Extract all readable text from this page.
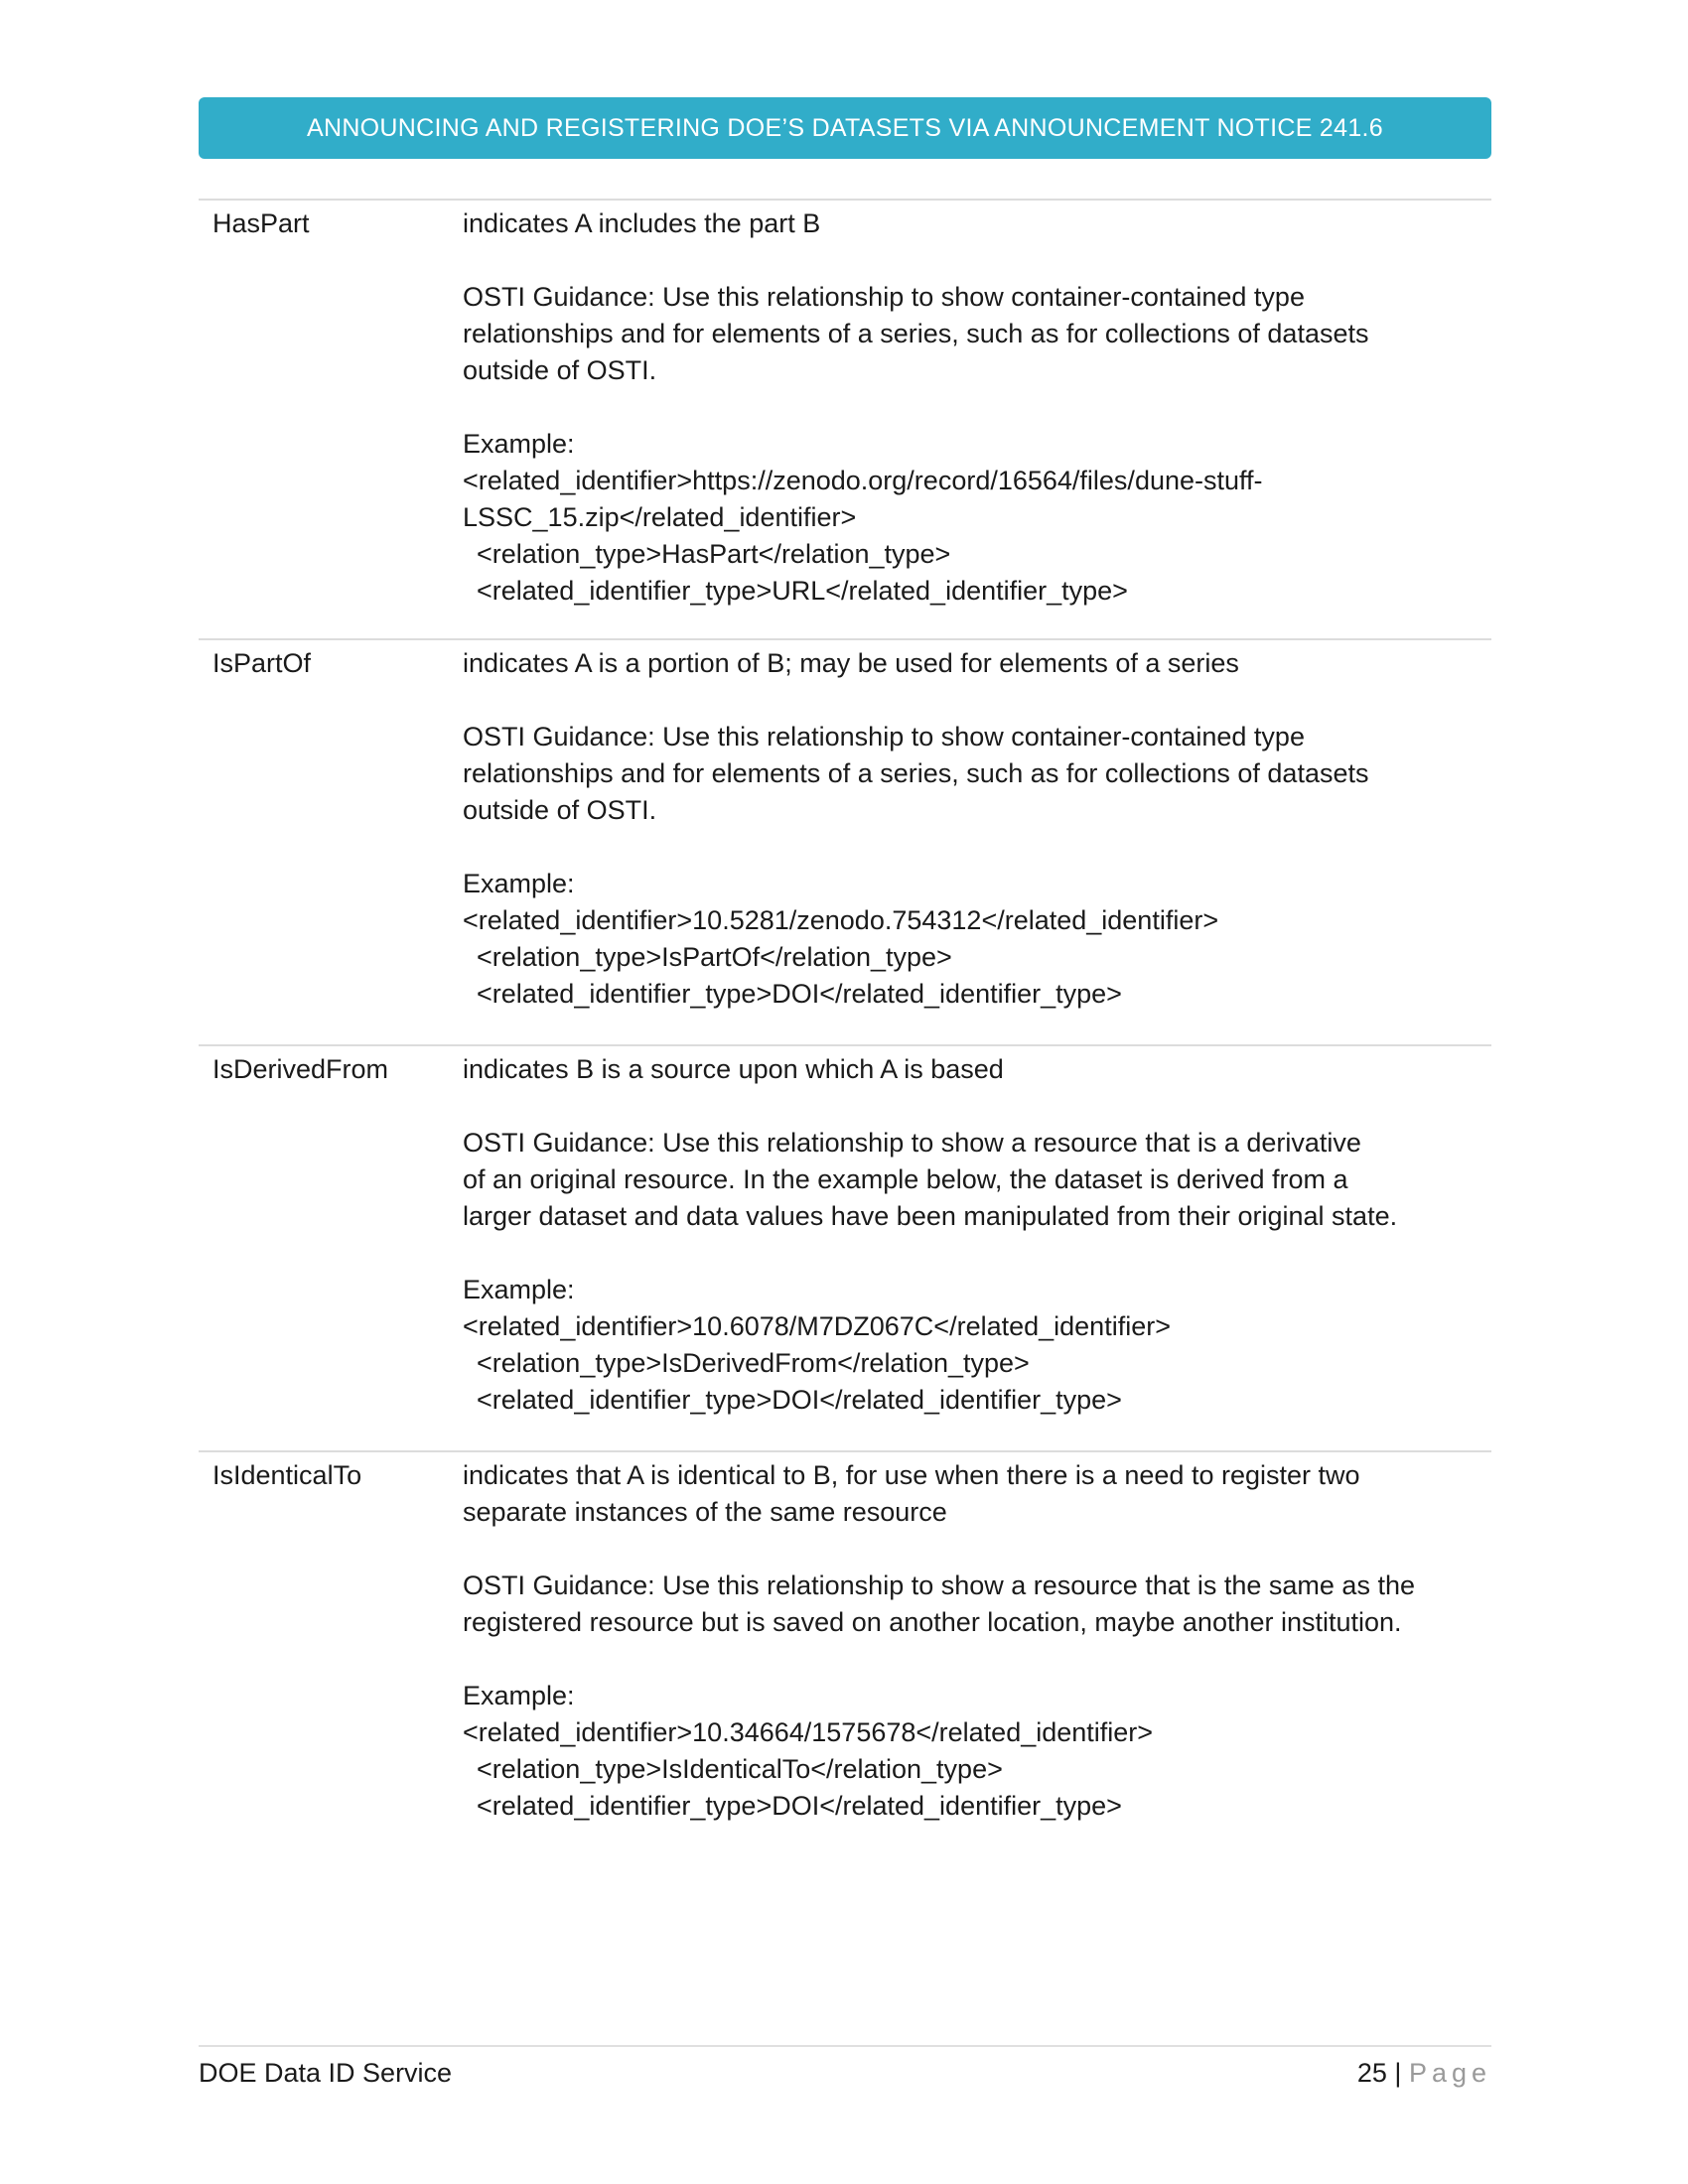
ANNOUNCING AND REGISTERING DOE’S DATASETS VIA ANNOUNCEMENT NOTICE 241.6
HasPart	indicates A includes the part B

OSTI Guidance: Use this relationship to show container-contained type

relationships and for elements of a series, such as for collections of datasets

outside of OSTI.

Example:

<related_identifier>https://zenodo.org/record/16564/files/dune-stuff-

LSSC_15.zip</related_identifier>

<relation_type>HasPart</relation_type>

<related_identifier_type>URL</related_identifier_type>

IsPartOf	indicates A is a portion of B; may be used for elements of a series

OSTI Guidance: Use this relationship to show container-contained type

relationships and for elements of a series, such as for collections of datasets

outside of OSTI.

Example:

<related_identifier>10.5281/zenodo.754312</related_identifier>

<relation_type>IsPartOf</relation_type>

<related_identifier_type>DOI</related_identifier_type>

IsDerivedFrom	indicates B is a source upon which A is based

OSTI Guidance: Use this relationship to show a resource that is a derivative

of an original resource. In the example below, the dataset is derived from a

larger dataset and data values have been manipulated from their original state.

Example:

<related_identifier>10.6078/M7DZ067C</related_identifier>

<relation_type>IsDerivedFrom</relation_type>

<related_identifier_type>DOI</related_identifier_type>

IsIdenticalTo	indicates that A is identical to B, for use when there is a need to register two

separate instances of the same resource

OSTI Guidance: Use this relationship to show a resource that is the same as the

registered resource but is saved on another location, maybe another institution.

Example:

<related_identifier>10.34664/1575678</related_identifier>

<relation_type>IsIdenticalTo</relation_type>

<related_identifier_type>DOI</related_identifier_type>

DOE Data ID Service	25 | Page
